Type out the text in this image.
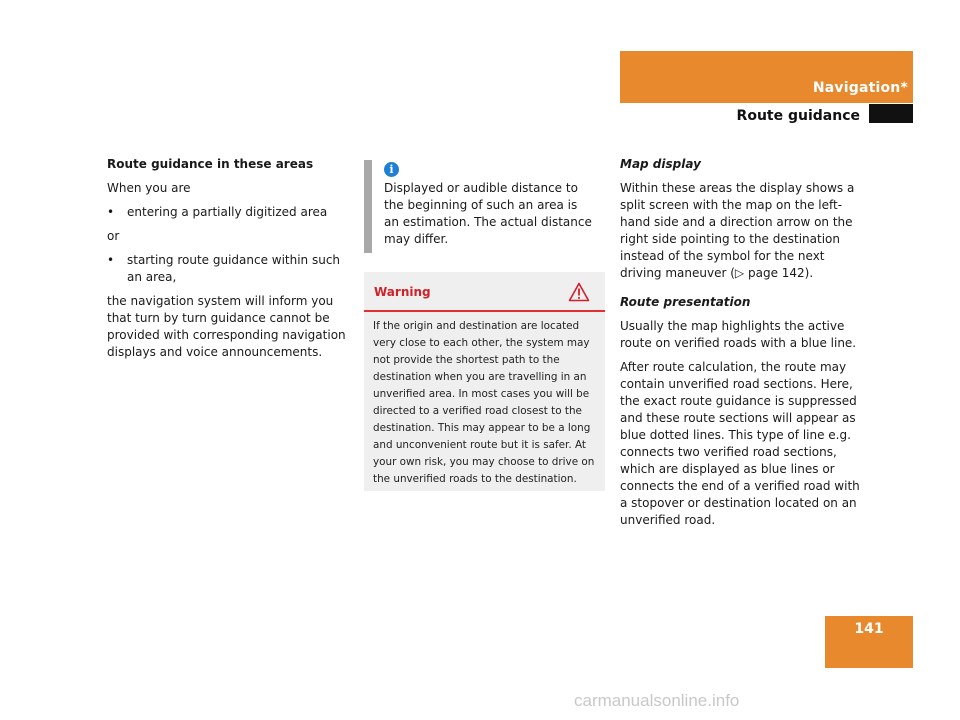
Navigation*
Route guidance

Route guidance in these areas

When you are

• entering a partially digitized area

or

• starting route guidance within such an area,

the navigation system will inform you that turn by turn guidance cannot be provided with corresponding navigation displays and voice announcements.

i
Displayed or audible distance to the beginning of such an area is an estimation. The actual distance may differ.
Warning
If the origin and destination are located very close to each other, the system may not provide the shortest path to the destination when you are travelling in an unverified area. In most cases you will be directed to a verified road closest to the destination. This may appear to be a long and unconvenient route but it is safer. At your own risk, you may choose to drive on the unverified roads to the destination.

Map display

Within these areas the display shows a split screen with the map on the left-hand side and a direction arrow on the right side pointing to the destination instead of the symbol for the next driving maneuver (▷ page 142).

Route presentation

Usually the map highlights the active route on verified roads with a blue line.

After route calculation, the route may contain unverified road sections. Here, the exact route guidance is suppressed and these route sections will appear as blue dotted lines. This type of line e.g. connects two verified road sections, which are displayed as blue lines or connects the end of a verified road with a stopover or destination located on an unverified road.

141
carmanualsonline.info
